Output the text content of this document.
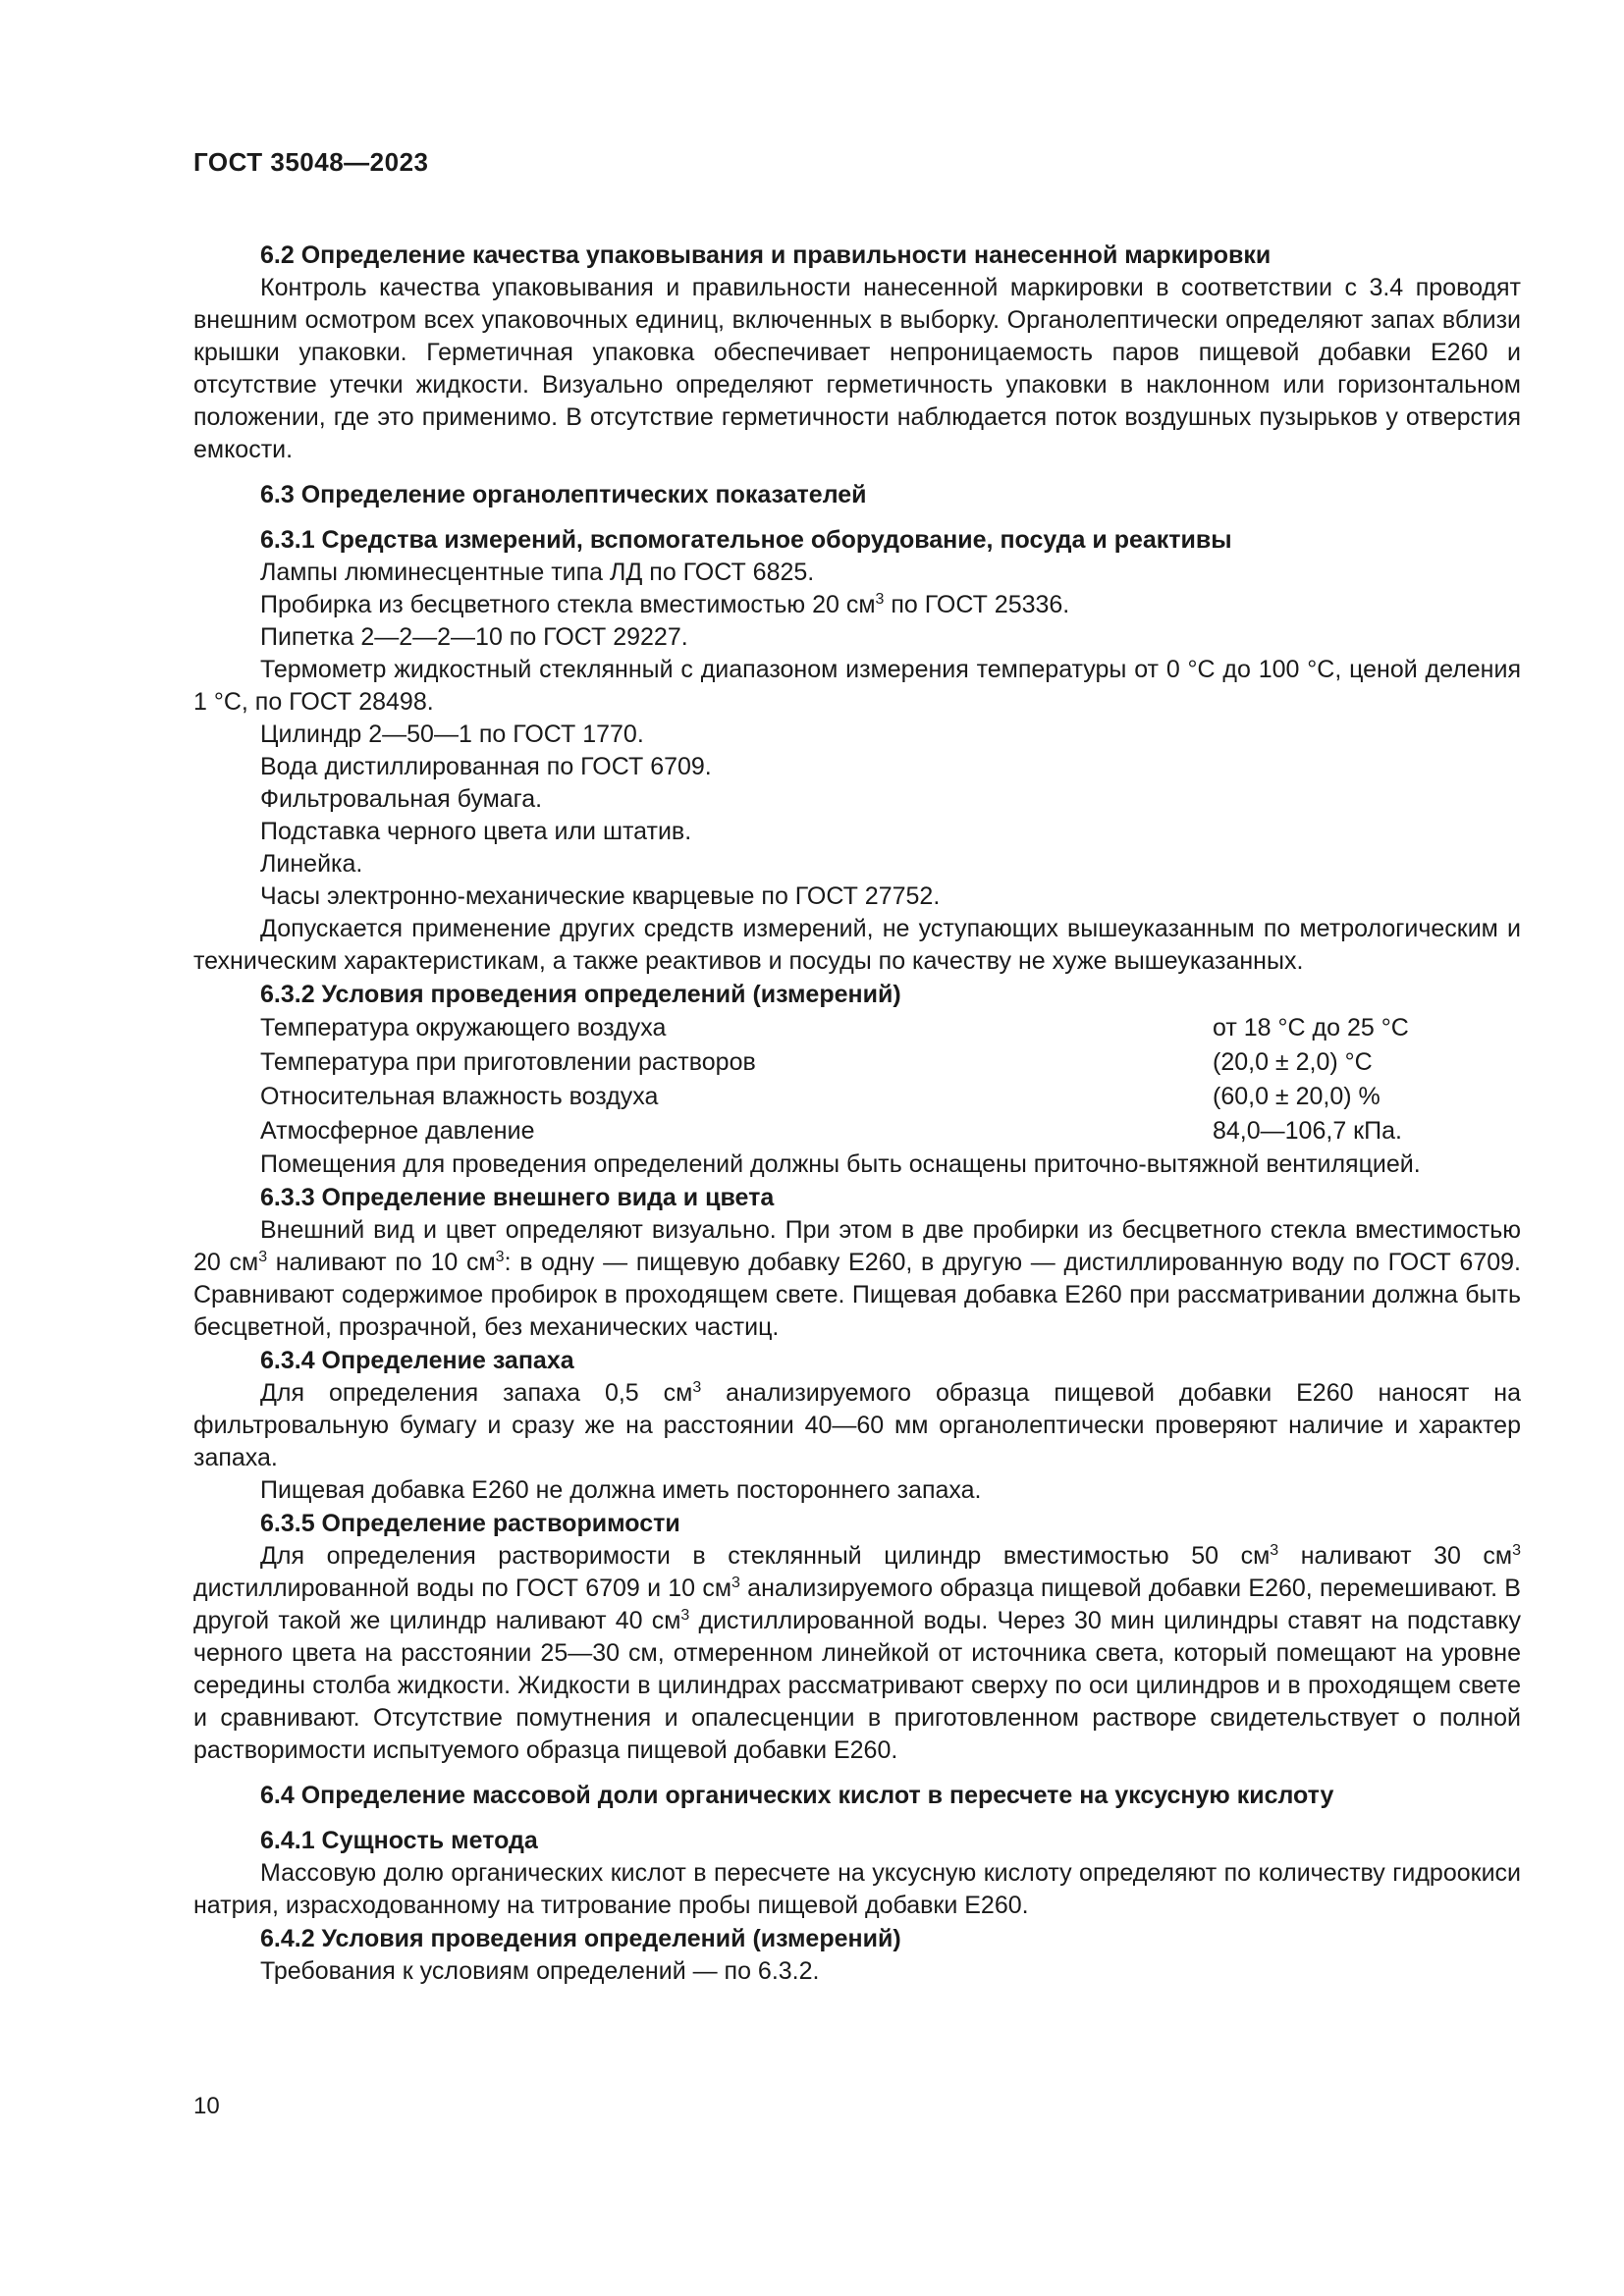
ГОСТ 35048—2023
6.2 Определение качества упаковывания и правильности нанесенной маркировки

Контроль качества упаковывания и правильности нанесенной маркировки в соответствии с 3.4 проводят внешним осмотром всех упаковочных единиц, включенных в выборку. Органолептически определяют запах вблизи крышки упаковки. Герметичная упаковка обеспечивает непроницаемость паров пищевой добавки Е260 и отсутствие утечки жидкости. Визуально определяют герметичность упаковки в наклонном или горизонтальном положении, где это применимо. В отсутствие герметичности наблюдается поток воздушных пузырьков у отверстия емкости.

6.3 Определение органолептических показателей
6.3.1 Средства измерений, вспомогательное оборудование, посуда и реактивы

Лампы люминесцентные типа ЛД по ГОСТ 6825.

Пробирка из бесцветного стекла вместимостью 20 $см^3$ по ГОСТ 25336.

Пипетка 2—2—2—10 по ГОСТ 29227.

Термометр жидкостный стеклянный с диапазоном измерения температуры от 0 °С до 100 °С, ценой деления 1 °С, по ГОСТ 28498.

Цилиндр 2—50—1 по ГОСТ 1770.

Вода дистиллированная по ГОСТ 6709.

Фильтровальная бумага.

Подставка черного цвета или штатив.

Линейка.

Часы электронно-механические кварцевые по ГОСТ 27752.

Допускается применение других средств измерений, не уступающих вышеуказанным по метрологическим и техническим характеристикам, а также реактивов и посуды по качеству не хуже вышеуказанных.

6.3.2 Условия проведения определений (измерений)
Температура окружающего воздуха	от 18 °С до 25 °С
Температура при приготовлении растворов	(20,0 ± 2,0) °С
Относительная влажность воздуха	(60,0 ± 20,0) %
Атмосферное давление	84,0—106,7 кПа.

Помещения для проведения определений должны быть оснащены приточно-вытяжной вентиляцией.

6.3.3 Определение внешнего вида и цвета

Внешний вид и цвет определяют визуально. При этом в две пробирки из бесцветного стекла вместимостью 20 $см^3$ наливают по 10 $см^3$: в одну — пищевую добавку Е260, в другую — дистиллированную воду по ГОСТ 6709. Сравнивают содержимое пробирок в проходящем свете. Пищевая добавка Е260 при рассматривании должна быть бесцветной, прозрачной, без механических частиц.

6.3.4 Определение запаха

Для определения запаха 0,5 $см^3$ анализируемого образца пищевой добавки Е260 наносят на фильтровальную бумагу и сразу же на расстоянии 40—60 мм органолептически проверяют наличие и характер запаха.

Пищевая добавка Е260 не должна иметь постороннего запаха.

6.3.5 Определение растворимости

Для определения растворимости в стеклянный цилиндр вместимостью 50 $см^3$ наливают 30 $см^3$ дистиллированной воды по ГОСТ 6709 и 10 $см^3$ анализируемого образца пищевой добавки Е260, перемешивают. В другой такой же цилиндр наливают 40 $см^3$ дистиллированной воды. Через 30 мин цилиндры ставят на подставку черного цвета на расстоянии 25—30 см, отмеренном линейкой от источника света, который помещают на уровне середины столба жидкости. Жидкости в цилиндрах рассматривают сверху по оси цилиндров и в проходящем свете и сравнивают. Отсутствие помутнения и опалесценции в приготовленном растворе свидетельствует о полной растворимости испытуемого образца пищевой добавки Е260.

6.4 Определение массовой доли органических кислот в пересчете на уксусную кислоту
6.4.1 Сущность метода

Массовую долю органических кислот в пересчете на уксусную кислоту определяют по количеству гидроокиси натрия, израсходованному на титрование пробы пищевой добавки Е260.

6.4.2 Условия проведения определений (измерений)

Требования к условиям определений — по 6.3.2.

10
